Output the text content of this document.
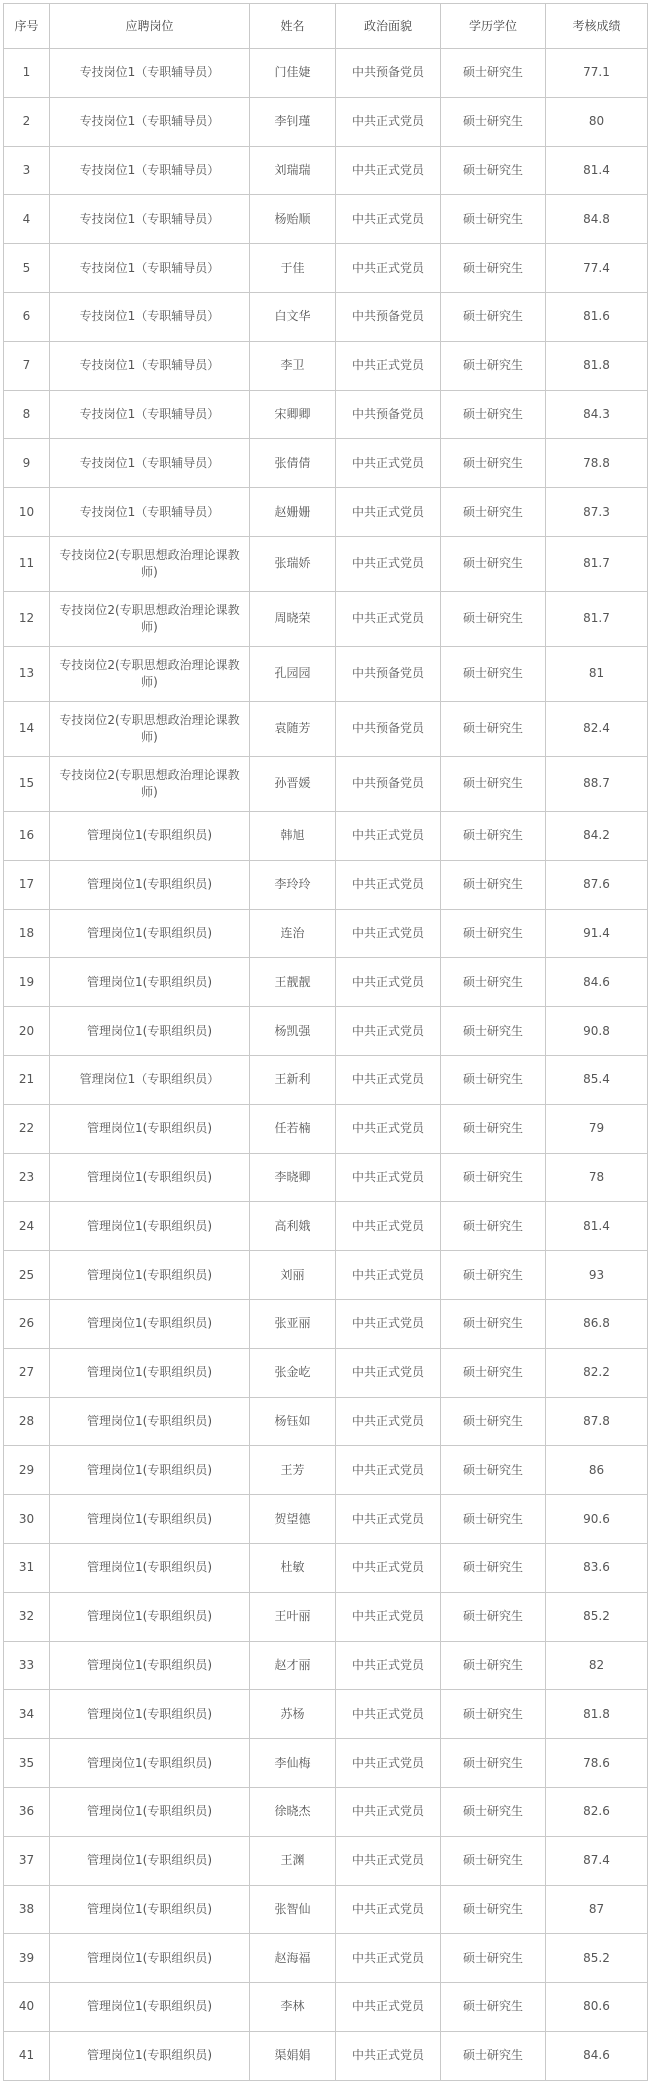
序号	应聘岗位	姓名	政治面貌	学历学位	考核成绩
1	专技岗位1（专职辅导员）	门佳婕	中共预备党员	硕士研究生	77.1
2	专技岗位1（专职辅导员）	李钊瑾	中共正式党员	硕士研究生	80
3	专技岗位1（专职辅导员）	刘瑞瑞	中共正式党员	硕士研究生	81.4
4	专技岗位1（专职辅导员）	杨贻顺	中共正式党员	硕士研究生	84.8
5	专技岗位1（专职辅导员）	于佳	中共正式党员	硕士研究生	77.4
6	专技岗位1（专职辅导员）	白文华	中共预备党员	硕士研究生	81.6
7	专技岗位1（专职辅导员）	李卫	中共正式党员	硕士研究生	81.8
8	专技岗位1（专职辅导员）	宋卿卿	中共预备党员	硕士研究生	84.3
9	专技岗位1（专职辅导员）	张倩倩	中共正式党员	硕士研究生	78.8
10	专技岗位1（专职辅导员）	赵姗姗	中共正式党员	硕士研究生	87.3
11	专技岗位2(专职思想政治理论课教师)	张瑞娇	中共正式党员	硕士研究生	81.7
12	专技岗位2(专职思想政治理论课教师)	周晓荣	中共正式党员	硕士研究生	81.7
13	专技岗位2(专职思想政治理论课教师)	孔园园	中共预备党员	硕士研究生	81
14	专技岗位2(专职思想政治理论课教师)	袁随芳	中共预备党员	硕士研究生	82.4
15	专技岗位2(专职思想政治理论课教师)	孙晋媛	中共预备党员	硕士研究生	88.7
16	管理岗位1(专职组织员)	韩旭	中共正式党员	硕士研究生	84.2
17	管理岗位1(专职组织员)	李玲玲	中共正式党员	硕士研究生	87.6
18	管理岗位1(专职组织员)	连治	中共正式党员	硕士研究生	91.4
19	管理岗位1(专职组织员)	王靓靓	中共正式党员	硕士研究生	84.6
20	管理岗位1(专职组织员)	杨凯强	中共正式党员	硕士研究生	90.8
21	管理岗位1（专职组织员）	王新利	中共正式党员	硕士研究生	85.4
22	管理岗位1(专职组织员)	任若楠	中共正式党员	硕士研究生	79
23	管理岗位1(专职组织员)	李晓卿	中共正式党员	硕士研究生	78
24	管理岗位1(专职组织员)	高利娥	中共正式党员	硕士研究生	81.4
25	管理岗位1(专职组织员)	刘丽	中共正式党员	硕士研究生	93
26	管理岗位1(专职组织员)	张亚丽	中共正式党员	硕士研究生	86.8
27	管理岗位1(专职组织员)	张金屹	中共正式党员	硕士研究生	82.2
28	管理岗位1(专职组织员)	杨钰如	中共正式党员	硕士研究生	87.8
29	管理岗位1(专职组织员)	王芳	中共正式党员	硕士研究生	86
30	管理岗位1(专职组织员)	贺望德	中共正式党员	硕士研究生	90.6
31	管理岗位1(专职组织员)	杜敏	中共正式党员	硕士研究生	83.6
32	管理岗位1(专职组织员)	王叶丽	中共正式党员	硕士研究生	85.2
33	管理岗位1(专职组织员)	赵才丽	中共正式党员	硕士研究生	82
34	管理岗位1(专职组织员)	苏杨	中共正式党员	硕士研究生	81.8
35	管理岗位1(专职组织员)	李仙梅	中共正式党员	硕士研究生	78.6
36	管理岗位1(专职组织员)	徐晓杰	中共正式党员	硕士研究生	82.6
37	管理岗位1(专职组织员)	王渊	中共正式党员	硕士研究生	87.4
38	管理岗位1(专职组织员)	张智仙	中共正式党员	硕士研究生	87
39	管理岗位1(专职组织员)	赵海福	中共正式党员	硕士研究生	85.2
40	管理岗位1(专职组织员)	李林	中共正式党员	硕士研究生	80.6
41	管理岗位1(专职组织员)	渠娟娟	中共正式党员	硕士研究生	84.6
